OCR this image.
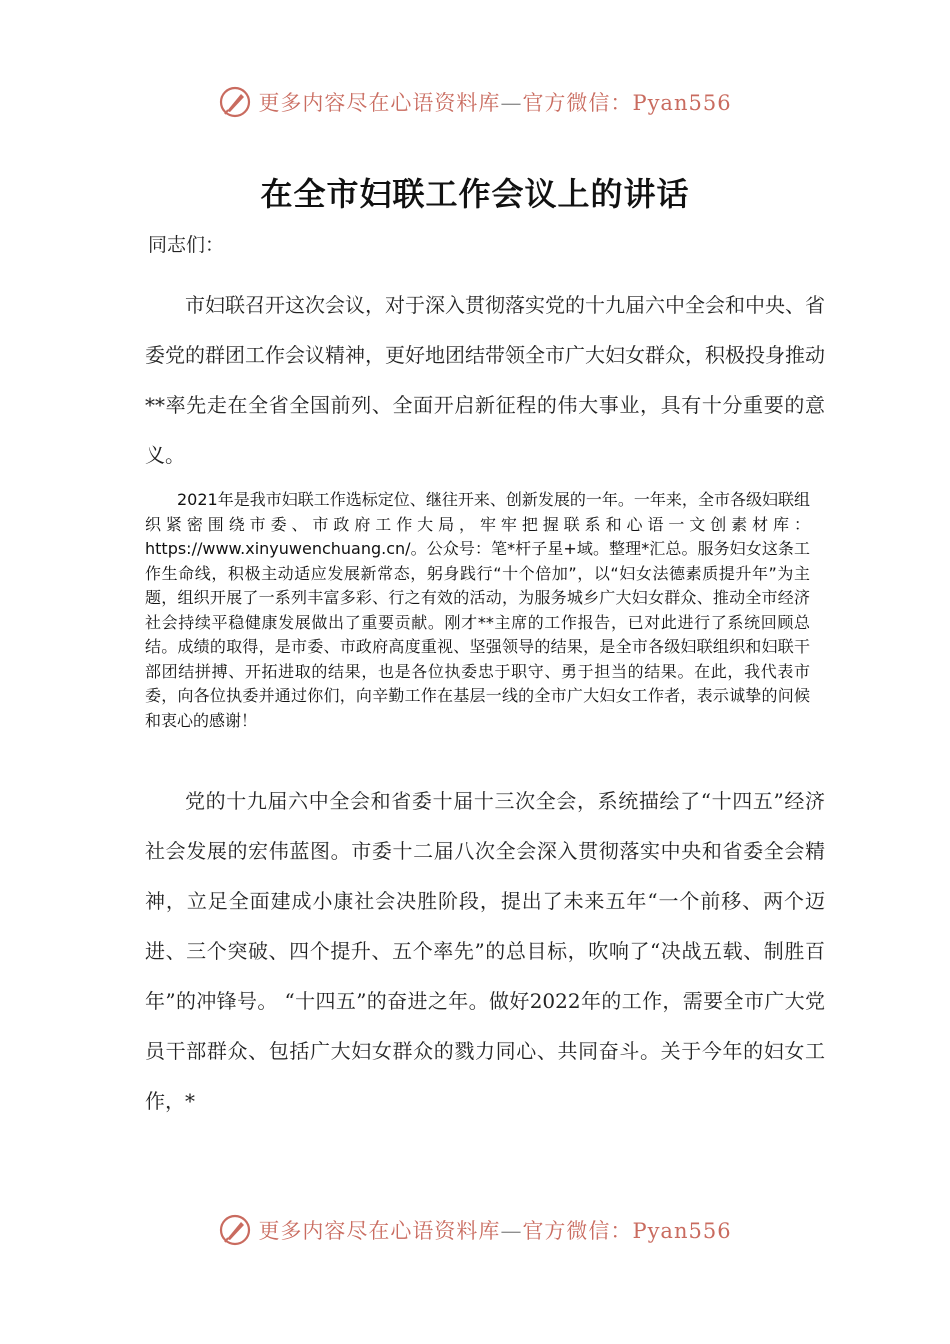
更多内容尽在心语资料库—官方微信：Pyan556
在全市妇联工作会议上的讲话
同志们：

市妇联召开这次会议，对于深入贯彻落实党的十九届六中全会和中央、省委党的群团工作会议精神，更好地团结带领全市广大妇女群众，积极投身推动**率先走在全省全国前列、全面开启新征程的伟大事业，具有十分重要的意义。

2021年是我市妇联工作选标定位、继往开来、创新发展的一年。一年来，全市各级妇联组织紧密围绕市委、市政府工作大局，牢牢把握联系和心语一文创素材库：https://www.xinyuwenchuang.cn/。公众号：笔*杆子星+域。整理*汇总。服务妇女这条工作生命线，积极主动适应发展新常态，躬身践行“十个倍加”，以“妇女法德素质提升年”为主题，组织开展了一系列丰富多彩、行之有效的活动，为服务城乡广大妇女群众、推动全市经济社会持续平稳健康发展做出了重要贡献。刚才**主席的工作报告，已对此进行了系统回顾总结。成绩的取得，是市委、市政府高度重视、坚强领导的结果，是全市各级妇联组织和妇联干部团结拼搏、开拓进取的结果，也是各位执委忠于职守、勇于担当的结果。在此，我代表市委，向各位执委并通过你们，向辛勤工作在基层一线的全市广大妇女工作者，表示诚挚的问候和衷心的感谢！

党的十九届六中全会和省委十届十三次全会，系统描绘了“十四五”经济社会发展的宏伟蓝图。市委十二届八次全会深入贯彻落实中央和省委全会精神，立足全面建成小康社会决胜阶段，提出了未来五年“一个前移、两个迈进、三个突破、四个提升、五个率先”的总目标，吹响了“决战五载、制胜百年”的冲锋号。 “十四五”的奋进之年。做好2022年的工作，需要全市广大党员干部群众、包括广大妇女群众的戮力同心、共同奋斗。关于今年的妇女工作，*

更多内容尽在心语资料库—官方微信：Pyan556
